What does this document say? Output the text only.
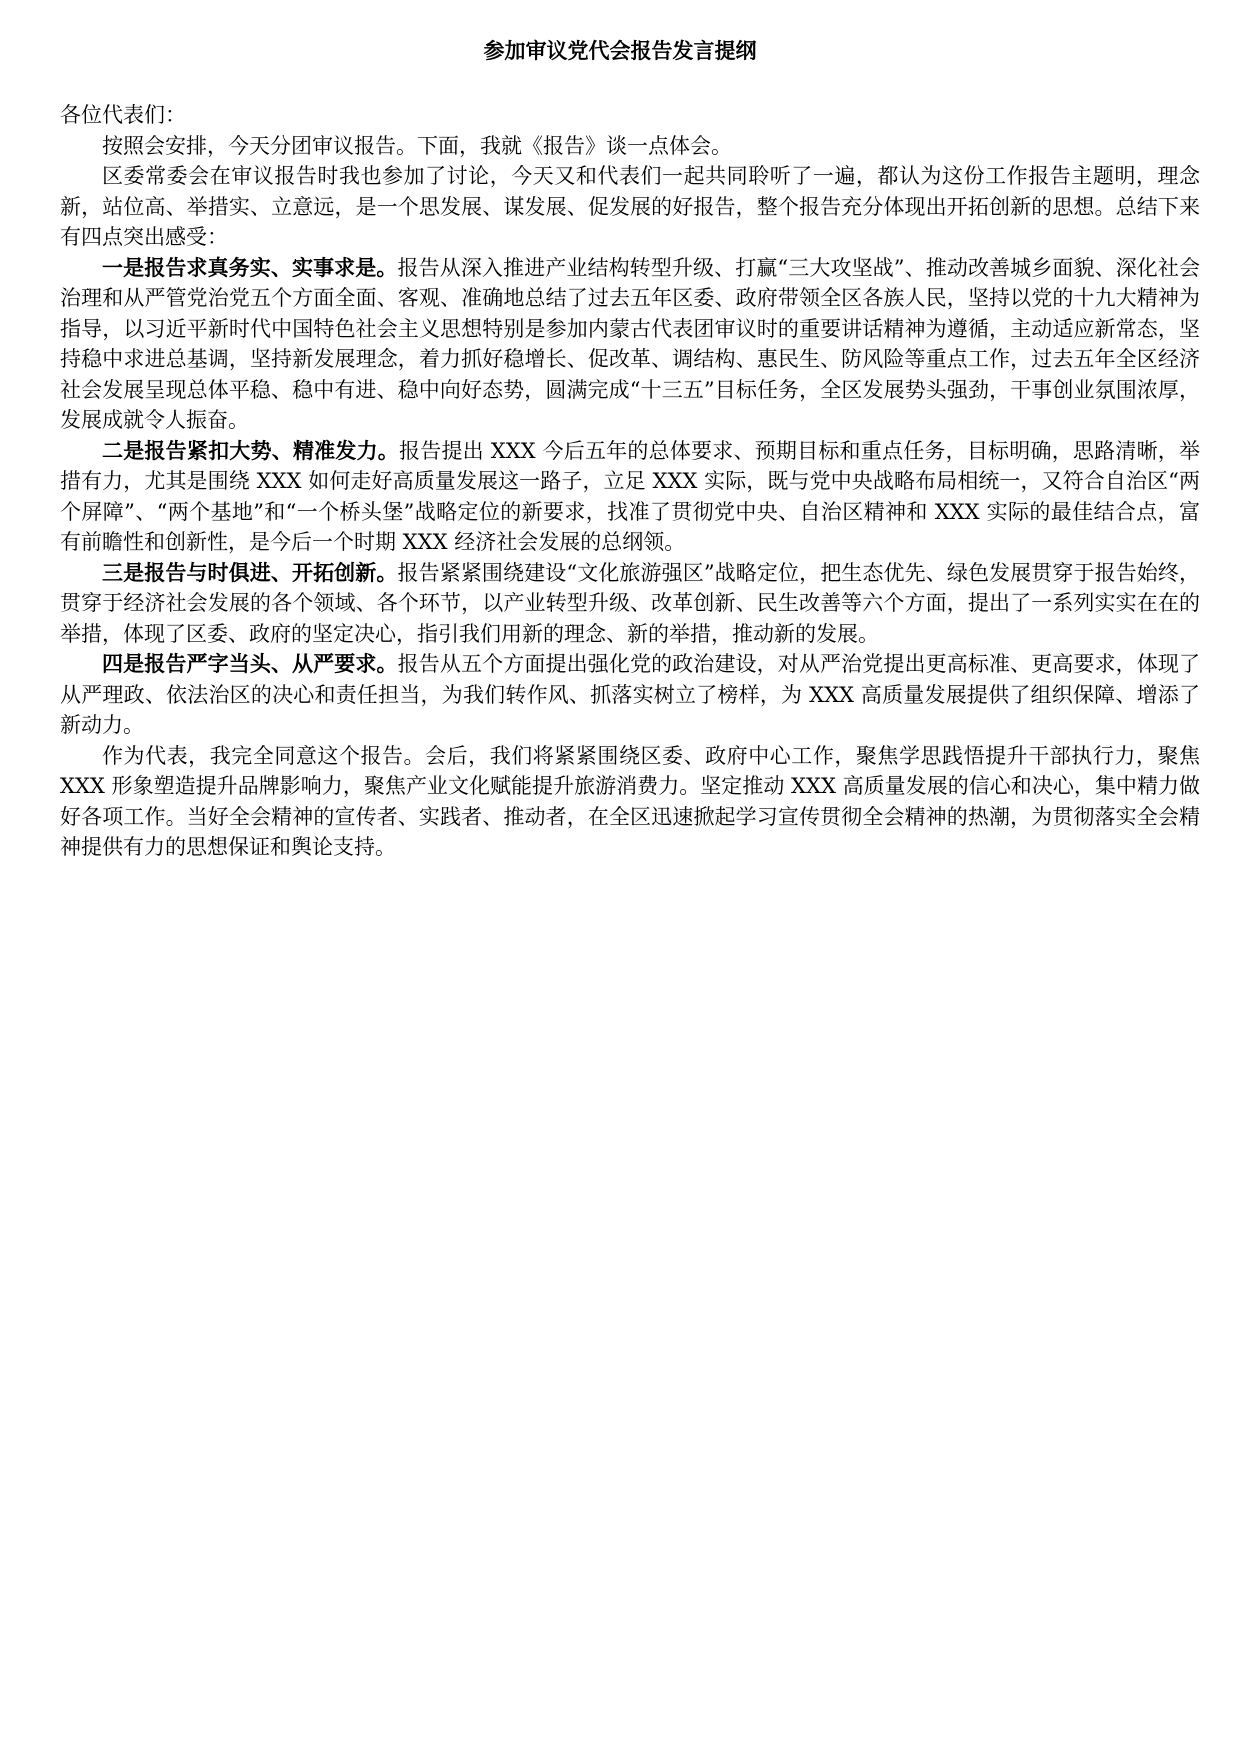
参加审议党代会报告发言提纲

各位代表们：

按照会安排，今天分团审议报告。下面，我就《报告》谈一点体会。

区委常委会在审议报告时我也参加了讨论，今天又和代表们一起共同聆听了一遍，都认为这份工作报告主题明，理念新，站位高、举措实、立意远，是一个思发展、谋发展、促发展的好报告，整个报告充分体现出开拓创新的思想。总结下来有四点突出感受：

一是报告求真务实、实事求是。报告从深入推进产业结构转型升级、打赢“三大攻坚战”、推动改善城乡面貌、深化社会治理和从严管党治党五个方面全面、客观、准确地总结了过去五年区委、政府带领全区各族人民，坚持以党的十九大精神为指导，以习近平新时代中国特色社会主义思想特别是参加内蒙古代表团审议时的重要讲话精神为遵循，主动适应新常态，坚持稳中求进总基调，坚持新发展理念，着力抓好稳增长、促改革、调结构、惠民生、防风险等重点工作，过去五年全区经济社会发展呈现总体平稳、稳中有进、稳中向好态势，圆满完成“十三五”目标任务，全区发展势头强劲，干事创业氛围浓厚，发展成就令人振奋。

二是报告紧扣大势、精准发力。报告提出 XXX 今后五年的总体要求、预期目标和重点任务，目标明确，思路清晰，举措有力，尤其是围绕 XXX 如何走好高质量发展这一路子，立足 XXX 实际，既与党中央战略布局相统一，又符合自治区“两个屏障”、“两个基地”和“一个桥头堡”战略定位的新要求，找准了贯彻党中央、自治区精神和 XXX 实际的最佳结合点，富有前瞻性和创新性，是今后一个时期 XXX 经济社会发展的总纲领。

三是报告与时俱进、开拓创新。报告紧紧围绕建设“文化旅游强区”战略定位，把生态优先、绿色发展贯穿于报告始终，贯穿于经济社会发展的各个领域、各个环节，以产业转型升级、改革创新、民生改善等六个方面，提出了一系列实实在在的举措，体现了区委、政府的坚定决心，指引我们用新的理念、新的举措，推动新的发展。

四是报告严字当头、从严要求。报告从五个方面提出强化党的政治建设，对从严治党提出更高标准、更高要求，体现了从严理政、依法治区的决心和责任担当，为我们转作风、抓落实树立了榜样，为 XXX 高质量发展提供了组织保障、增添了新动力。

作为代表，我完全同意这个报告。会后，我们将紧紧围绕区委、政府中心工作，聚焦学思践悟提升干部执行力，聚焦 XXX 形象塑造提升品牌影响力，聚焦产业文化赋能提升旅游消费力。坚定推动 XXX 高质量发展的信心和决心，集中精力做好各项工作。当好全会精神的宣传者、实践者、推动者，在全区迅速掀起学习宣传贯彻全会精神的热潮，为贯彻落实全会精神提供有力的思想保证和舆论支持。
